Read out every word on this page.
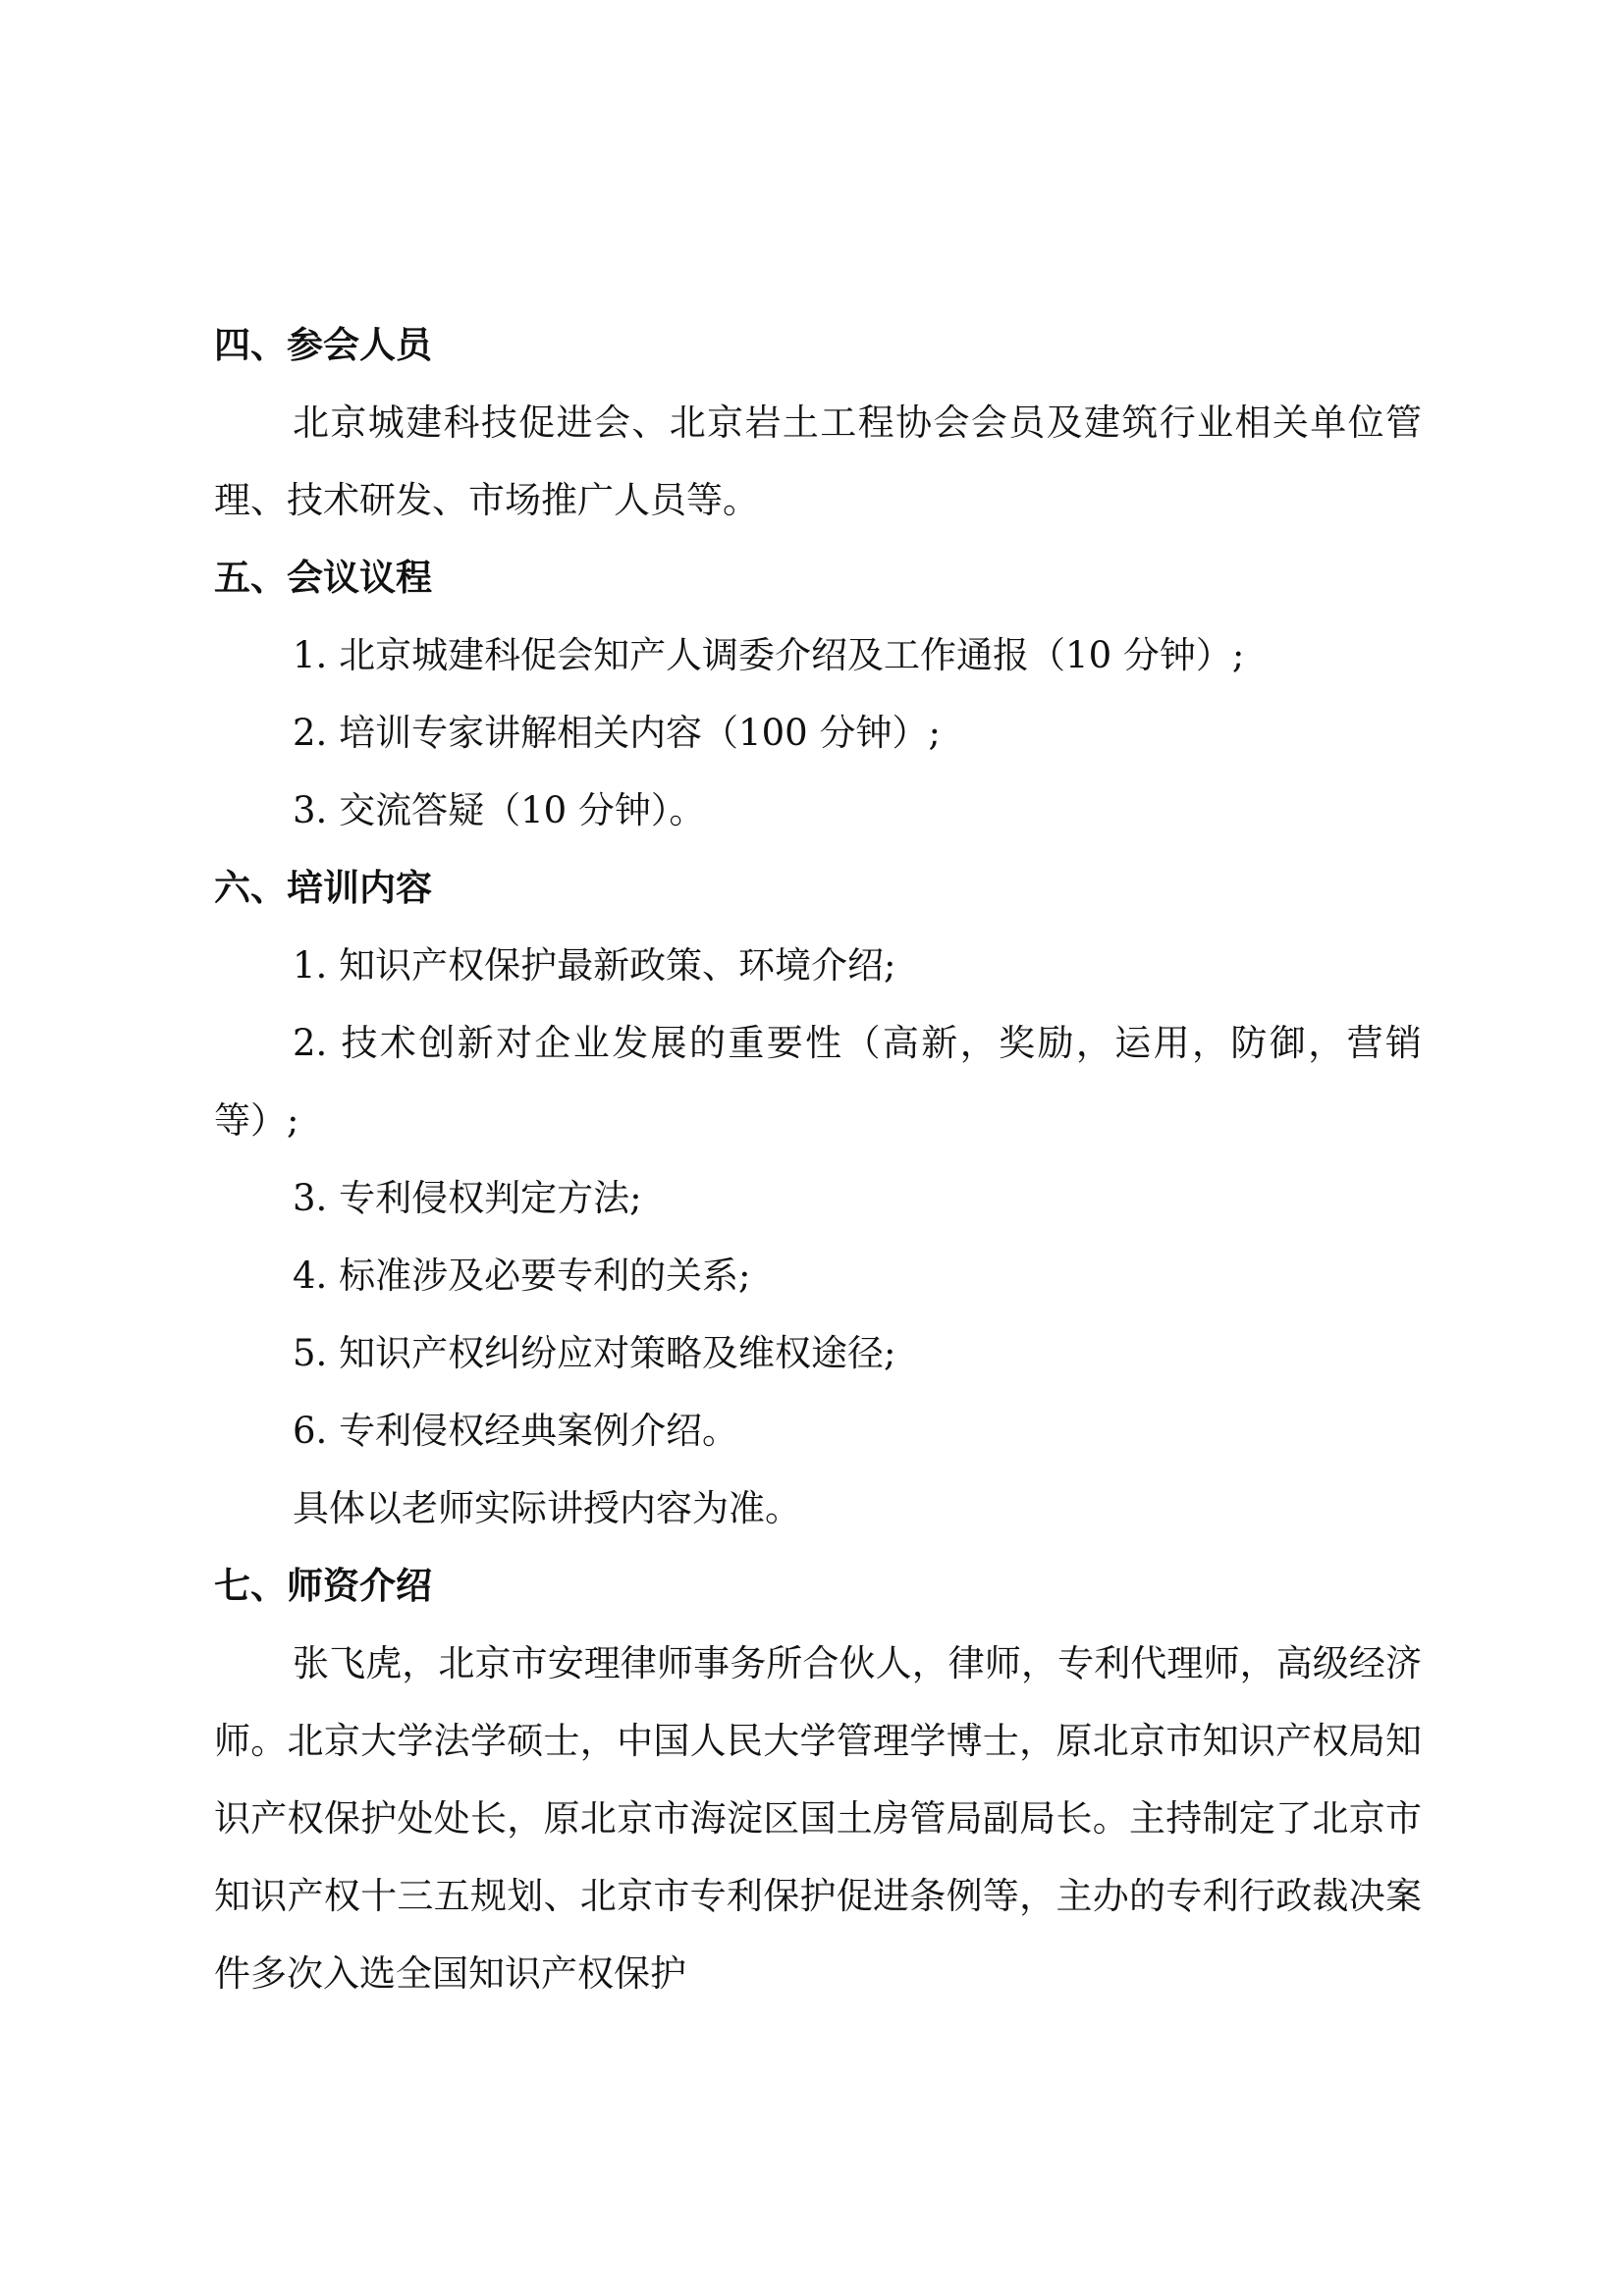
四、参会人员

北京城建科技促进会、北京岩土工程协会会员及建筑行业相关单位管理、技术研发、市场推广人员等。

五、会议议程

1. 北京城建科促会知产人调委介绍及工作通报（10 分钟）;

2. 培训专家讲解相关内容（100 分钟）;

3. 交流答疑（10 分钟）。

六、培训内容

1. 知识产权保护最新政策、环境介绍;

2. 技术创新对企业发展的重要性（高新，奖励，运用，防御，营销等）;

3. 专利侵权判定方法;

4. 标准涉及必要专利的关系;

5. 知识产权纠纷应对策略及维权途径;

6. 专利侵权经典案例介绍。

具体以老师实际讲授内容为准。

七、师资介绍

张飞虎，北京市安理律师事务所合伙人，律师，专利代理师，高级经济师。北京大学法学硕士，中国人民大学管理学博士，原北京市知识产权局知识产权保护处处长，原北京市海淀区国土房管局副局长。主持制定了北京市知识产权十三五规划、北京市专利保护促进条例等，主办的专利行政裁决案件多次入选全国知识产权保护
